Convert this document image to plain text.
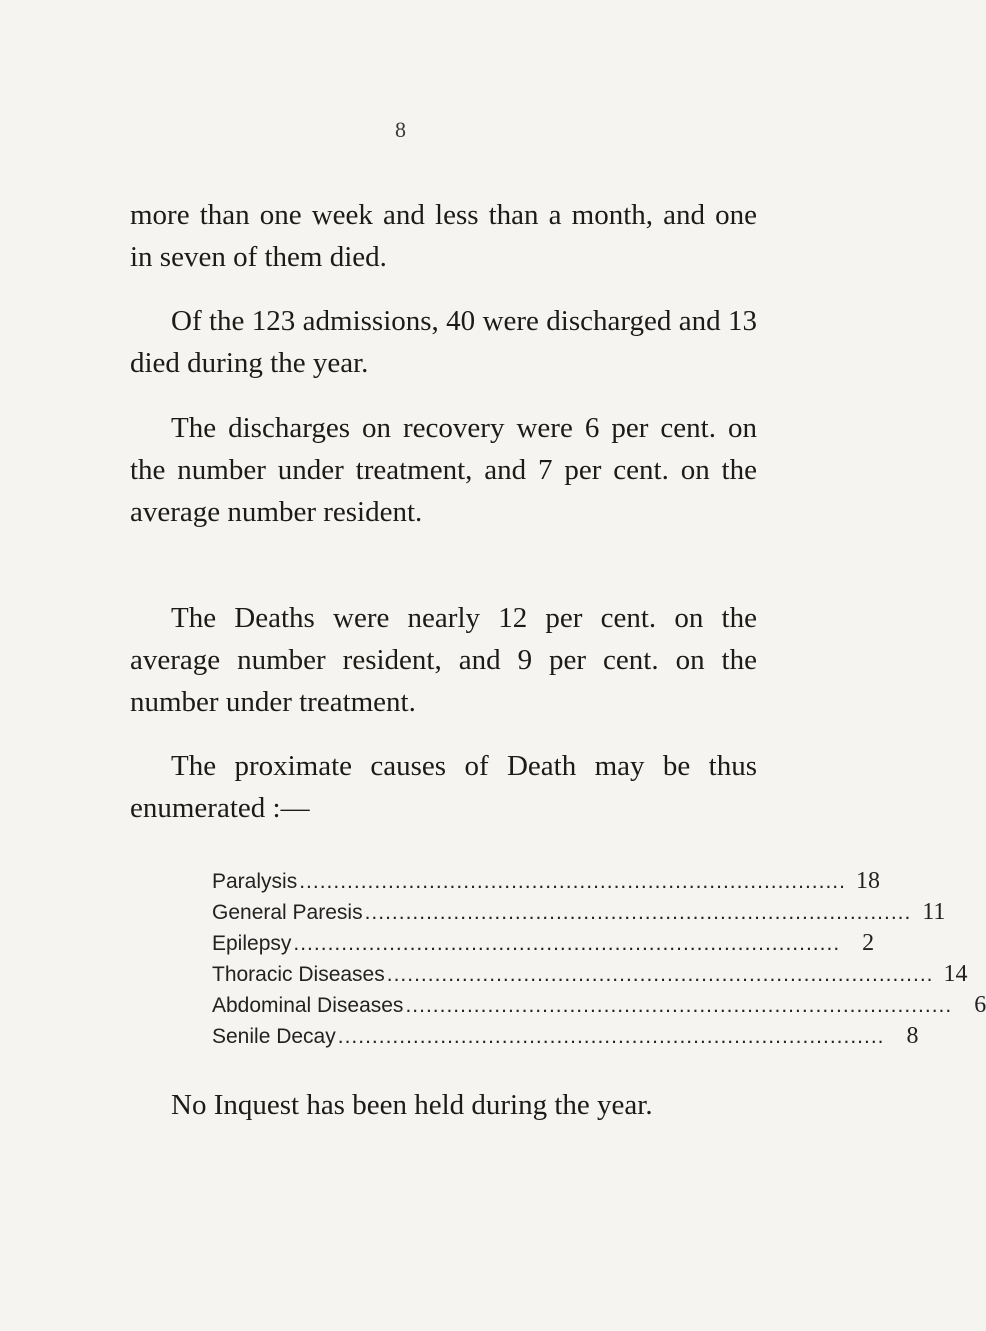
8

more than one week and less than a month, and one in seven of them died.

Of the 123 admissions, 40 were discharged and 13 died during the year.

The discharges on recovery were 6 per cent. on the number under treatment, and 7 per cent. on the average number resident.

The Deaths were nearly 12 per cent. on the average number resident, and 9 per cent. on the number under treatment.

The proximate causes of Death may be thus enumerated :—

Paralysis ................................................................................ 18
General Paresis ................................................................................ 11
Epilepsy ................................................................................ 2
Thoracic Diseases ................................................................................ 14
Abdominal Diseases ................................................................................ 6
Senile Decay ................................................................................ 8

No Inquest has been held during the year.
